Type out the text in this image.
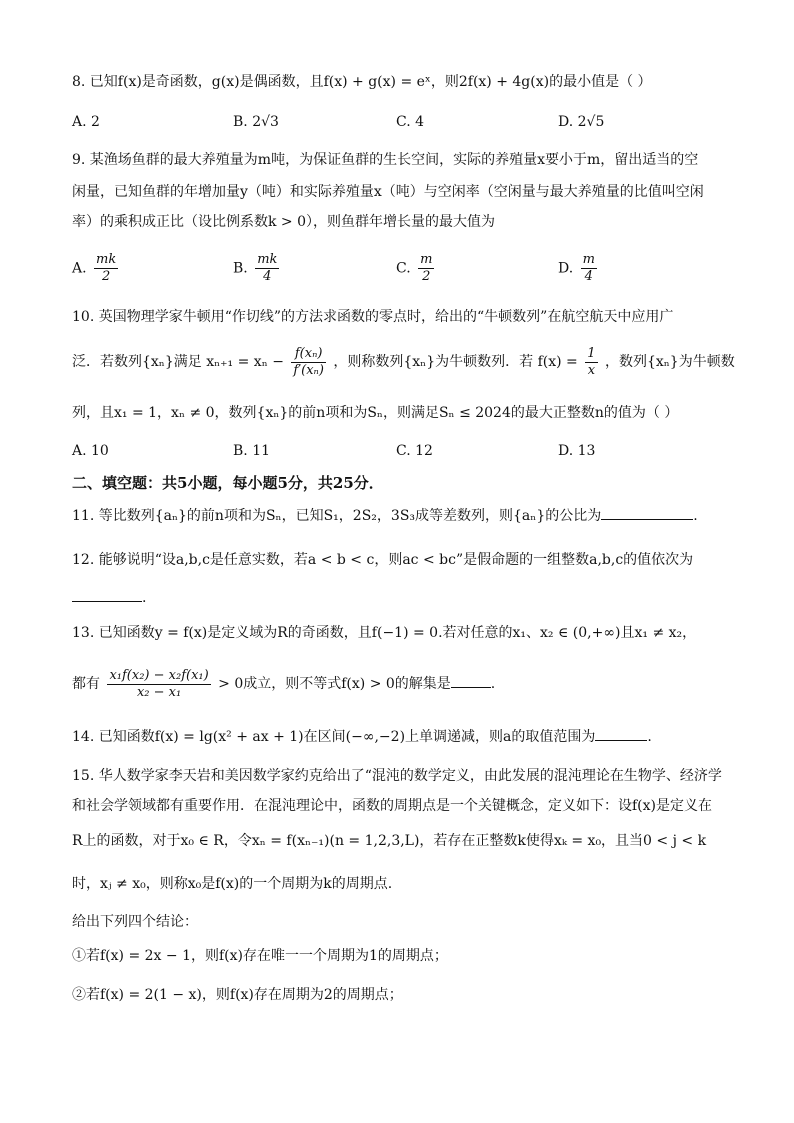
8. 已知f(x)是奇函数，g(x)是偶函数，且f(x) + g(x) = eˣ，则2f(x) + 4g(x)的最小值是（ ）
A. 2	B. 2√3	C. 4	D. 2√5
9. 某渔场鱼群的最大养殖量为m吨，为保证鱼群的生长空间，实际的养殖量x要小于m，留出适当的空
闲量，已知鱼群的年增加量y（吨）和实际养殖量x（吨）与空闲率（空闲量与最大养殖量的比值叫空闲
率）的乘积成正比（设比例系数k > 0），则鱼群年增长量的最大值为
A. $\frac{mk}{2}$	B. $\frac{mk}{4}$	C. $\frac{m}{2}$	D. $\frac{m}{4}$
10. 英国物理学家牛顿用“作切线”的方法求函数的零点时，给出的“牛顿数列”在航空航天中应用广
泛．若数列{xₙ}满足 $x_{n+1} = x_n - \frac{\text{f(xₙ)}}{\text{f′(xₙ)}}$ ，则称数列{xₙ}为牛顿数列．若 $f(x) = \frac{1}{x}$ ，数列{xₙ}为牛顿数
列，且x₁ = 1，xₙ ≠ 0，数列{xₙ}的前n项和为Sₙ，则满足Sₙ ≤ 2024的最大正整数n的值为（ ）
A. 10	B. 11	C. 12	D. 13
二、填空题：共5小题，每小题5分，共25分．
11. 等比数列{aₙ}的前n项和为Sₙ，已知S₁，2S₂，3S₃成等差数列，则{aₙ}的公比为	.
12. 能够说明“设a,b,c是任意实数，若a < b < c，则ac < bc”是假命题的一组整数a,b,c的值依次为
.
13. 已知函数y = f(x)是定义域为R的奇函数，且f(−1) = 0.若对任意的x₁、x₂ ∈ (0,+∞)且x₁ ≠ x₂，
都有 $\frac{\text{x₁f(x₂) − x₂f(x₁)}}{\text{x₂ − x₁}} > 0$成立，则不等式f(x) > 0的解集是	.
14. 已知函数f(x) = lg(x² + ax + 1)在区间(−∞,−2)上单调递减，则a的取值范围为	.
15. 华人数学家李天岩和美因数学家约克给出了“混沌的数学定义，由此发展的混沌理论在生物学、经济学
和社会学领域都有重要作用．在混沌理论中，函数的周期点是一个关键概念，定义如下：设f(x)是定义在
R上的函数，对于x₀ ∈ R，令xₙ = f(xₙ₋₁)(n = 1,2,3,L)，若存在正整数k使得xₖ = x₀，且当0 < j < k
时，xⱼ ≠ x₀，则称x₀是f(x)的一个周期为k的周期点.
给出下列四个结论：
①若f(x) = 2x − 1，则f(x)存在唯一一个周期为1的周期点；
②若f(x) = 2(1 − x)，则f(x)存在周期为2的周期点；
